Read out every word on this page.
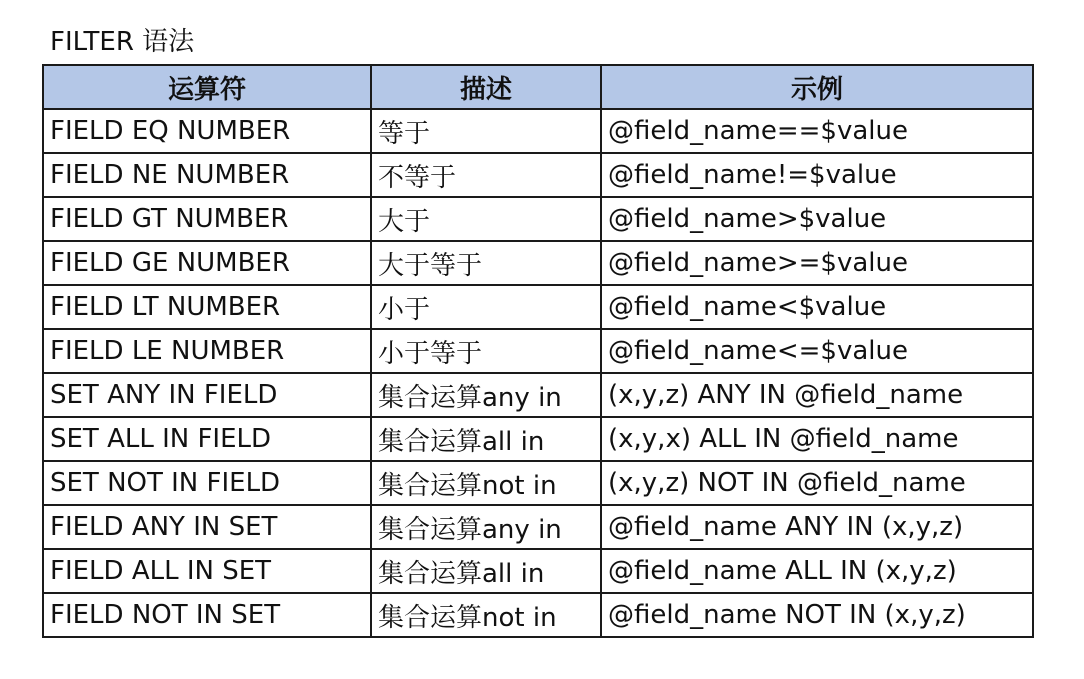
FILTER 语法
运算符	描述	示例
FIELD EQ NUMBER	等于	@field_name==$value
FIELD NE NUMBER	不等于	@field_name!=$value
FIELD GT NUMBER	大于	@field_name>$value
FIELD GE NUMBER	大于等于	@field_name>=$value
FIELD LT NUMBER	小于	@field_name<$value
FIELD LE NUMBER	小于等于	@field_name<=$value
SET ANY IN FIELD	集合运算any in	(x,y,z) ANY IN @field_name
SET ALL IN FIELD	集合运算all in	(x,y,x) ALL IN @field_name
SET NOT IN FIELD	集合运算not in	(x,y,z) NOT IN @field_name
FIELD ANY IN SET	集合运算any in	@field_name ANY IN (x,y,z)
FIELD ALL IN SET	集合运算all in	@field_name ALL IN (x,y,z)
FIELD NOT IN SET	集合运算not in	@field_name NOT IN (x,y,z)
